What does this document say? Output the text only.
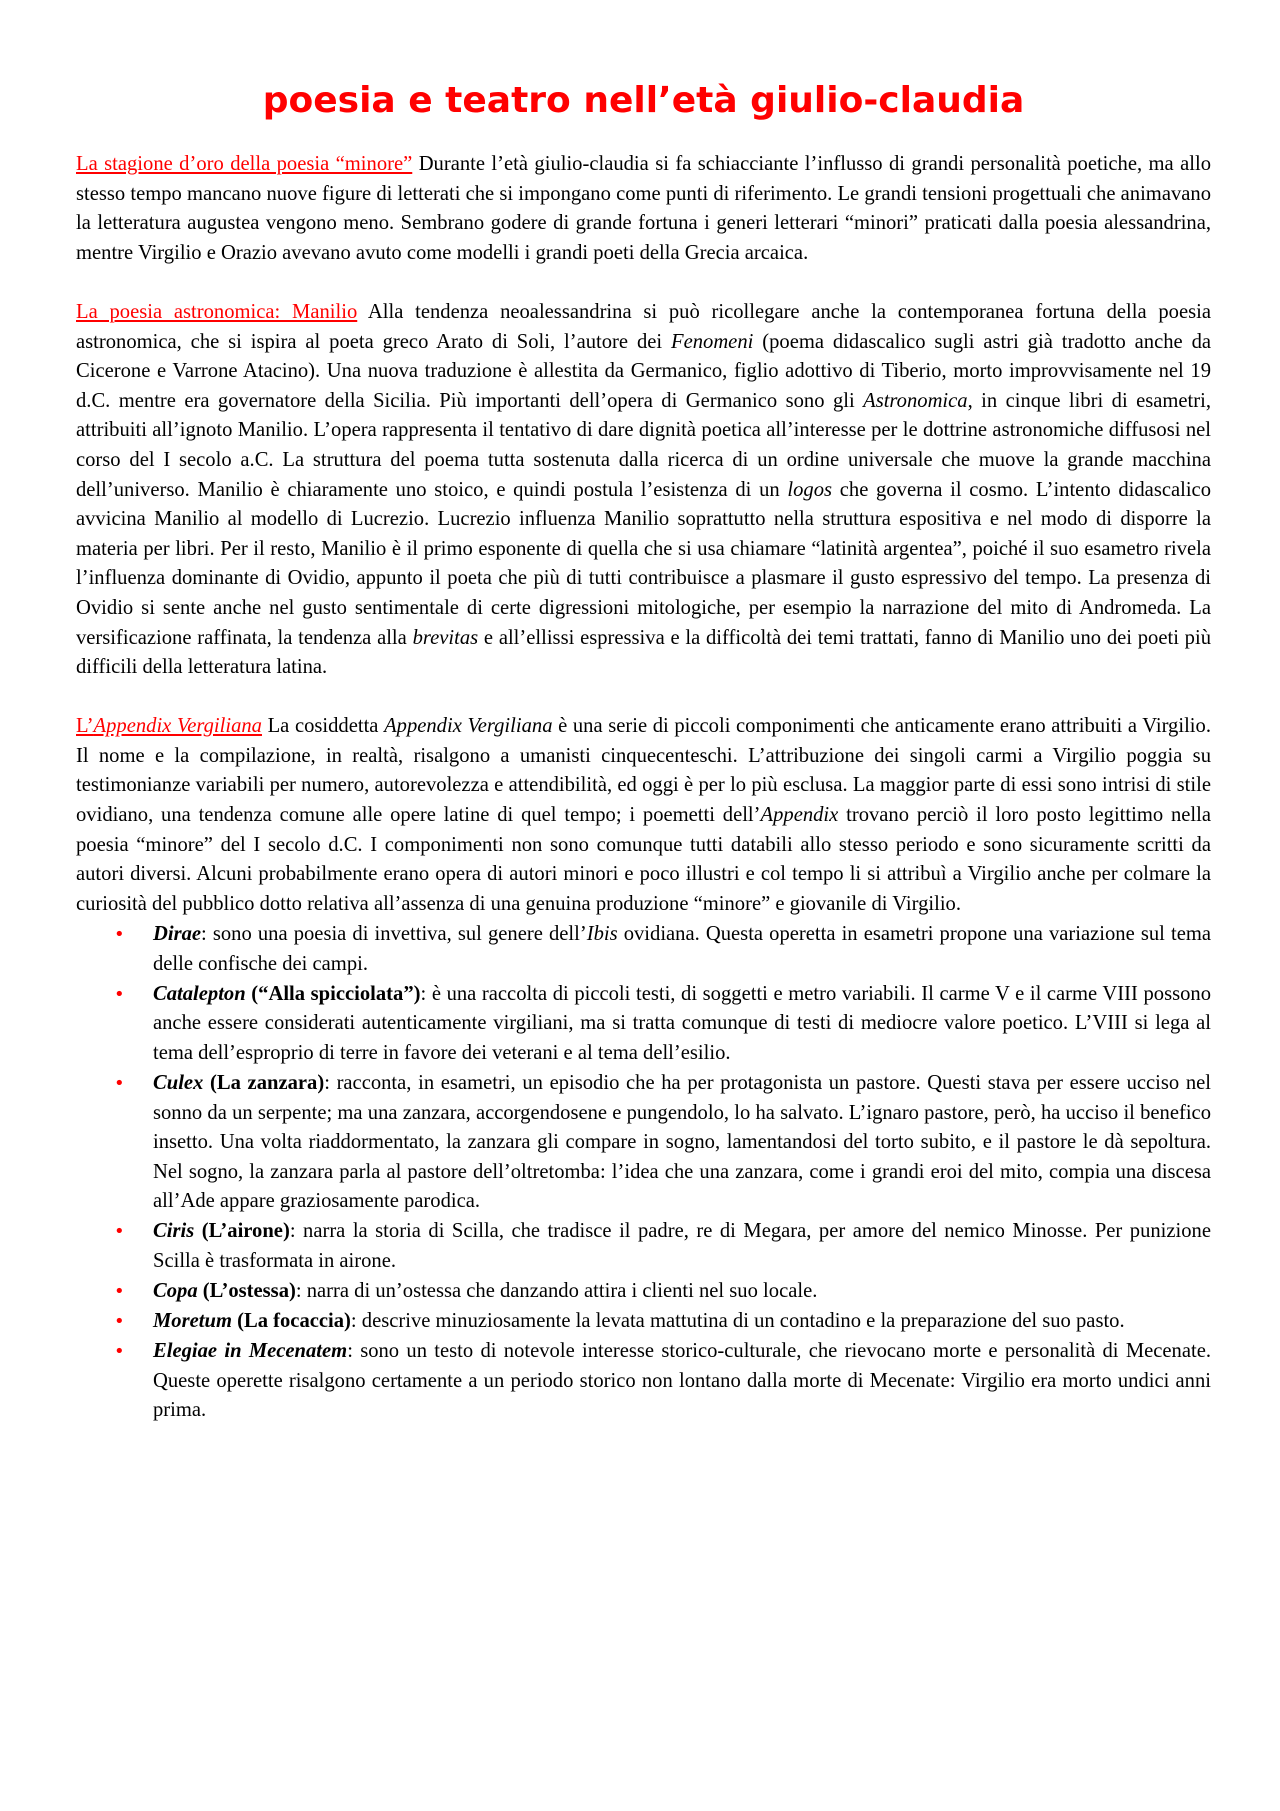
poesia e teatro nell’età giulio-claudia

La stagione d’oro della poesia “minore” Durante l’età giulio-claudia si fa schiacciante l’influsso di grandi personalità poetiche, ma allo stesso tempo mancano nuove figure di letterati che si impongano come punti di riferimento. Le grandi tensioni progettuali che animavano la letteratura augustea vengono meno. Sembrano godere di grande fortuna i generi letterari “minori” praticati dalla poesia alessandrina, mentre Virgilio e Orazio avevano avuto come modelli i grandi poeti della Grecia arcaica.

La poesia astronomica: Manilio Alla tendenza neoalessandrina si può ricollegare anche la contemporanea fortuna della poesia astronomica, che si ispira al poeta greco Arato di Soli, l’autore dei Fenomeni (poema didascalico sugli astri già tradotto anche da Cicerone e Varrone Atacino). Una nuova traduzione è allestita da Germanico, figlio adottivo di Tiberio, morto improvvisamente nel 19 d.C. mentre era governatore della Sicilia. Più importanti dell’opera di Germanico sono gli Astronomica, in cinque libri di esametri, attribuiti all’ignoto Manilio. L’opera rappresenta il tentativo di dare dignità poetica all’interesse per le dottrine astronomiche diffusosi nel corso del I secolo a.C. La struttura del poema tutta sostenuta dalla ricerca di un ordine universale che muove la grande macchina dell’universo. Manilio è chiaramente uno stoico, e quindi postula l’esistenza di un logos che governa il cosmo. L’intento didascalico avvicina Manilio al modello di Lucrezio. Lucrezio influenza Manilio soprattutto nella struttura espositiva e nel modo di disporre la materia per libri. Per il resto, Manilio è il primo esponente di quella che si usa chiamare “latinità argentea”, poiché il suo esametro rivela l’influenza dominante di Ovidio, appunto il poeta che più di tutti contribuisce a plasmare il gusto espressivo del tempo. La presenza di Ovidio si sente anche nel gusto sentimentale di certe digressioni mitologiche, per esempio la narrazione del mito di Andromeda. La versificazione raffinata, la tendenza alla brevitas e all’ellissi espressiva e la difficoltà dei temi trattati, fanno di Manilio uno dei poeti più difficili della letteratura latina.

L’Appendix Vergiliana La cosiddetta Appendix Vergiliana è una serie di piccoli componimenti che anticamente erano attribuiti a Virgilio. Il nome e la compilazione, in realtà, risalgono a umanisti cinquecenteschi. L’attribuzione dei singoli carmi a Virgilio poggia su testimonianze variabili per numero, autorevolezza e attendibilità, ed oggi è per lo più esclusa. La maggior parte di essi sono intrisi di stile ovidiano, una tendenza comune alle opere latine di quel tempo; i poemetti dell’Appendix trovano perciò il loro posto legittimo nella poesia “minore” del I secolo d.C. I componimenti non sono comunque tutti databili allo stesso periodo e sono sicuramente scritti da autori diversi. Alcuni probabilmente erano opera di autori minori e poco illustri e col tempo li si attribuì a Virgilio anche per colmare la curiosità del pubblico dotto relativa all’assenza di una genuina produzione “minore” e giovanile di Virgilio.

• Dirae: sono una poesia di invettiva, sul genere dell’Ibis ovidiana. Questa operetta in esametri propone una variazione sul tema delle confische dei campi.
• Catalepton (“Alla spicciolata”): è una raccolta di piccoli testi, di soggetti e metro variabili. Il carme V e il carme VIII possono anche essere considerati autenticamente virgiliani, ma si tratta comunque di testi di mediocre valore poetico. L’VIII si lega al tema dell’esproprio di terre in favore dei veterani e al tema dell’esilio.
• Culex (La zanzara): racconta, in esametri, un episodio che ha per protagonista un pastore. Questi stava per essere ucciso nel sonno da un serpente; ma una zanzara, accorgendosene e pungendolo, lo ha salvato. L’ignaro pastore, però, ha ucciso il benefico insetto. Una volta riaddormentato, la zanzara gli compare in sogno, lamentandosi del torto subito, e il pastore le dà sepoltura. Nel sogno, la zanzara parla al pastore dell’oltretomba: l’idea che una zanzara, come i grandi eroi del mito, compia una discesa all’Ade appare graziosamente parodica.
• Ciris (L’airone): narra la storia di Scilla, che tradisce il padre, re di Megara, per amore del nemico Minosse. Per punizione Scilla è trasformata in airone.
• Copa (L’ostessa): narra di un’ostessa che danzando attira i clienti nel suo locale.
• Moretum (La focaccia): descrive minuziosamente la levata mattutina di un contadino e la preparazione del suo pasto.
• Elegiae in Mecenatem: sono un testo di notevole interesse storico-culturale, che rievocano morte e personalità di Mecenate. Queste operette risalgono certamente a un periodo storico non lontano dalla morte di Mecenate: Virgilio era morto undici anni prima.
